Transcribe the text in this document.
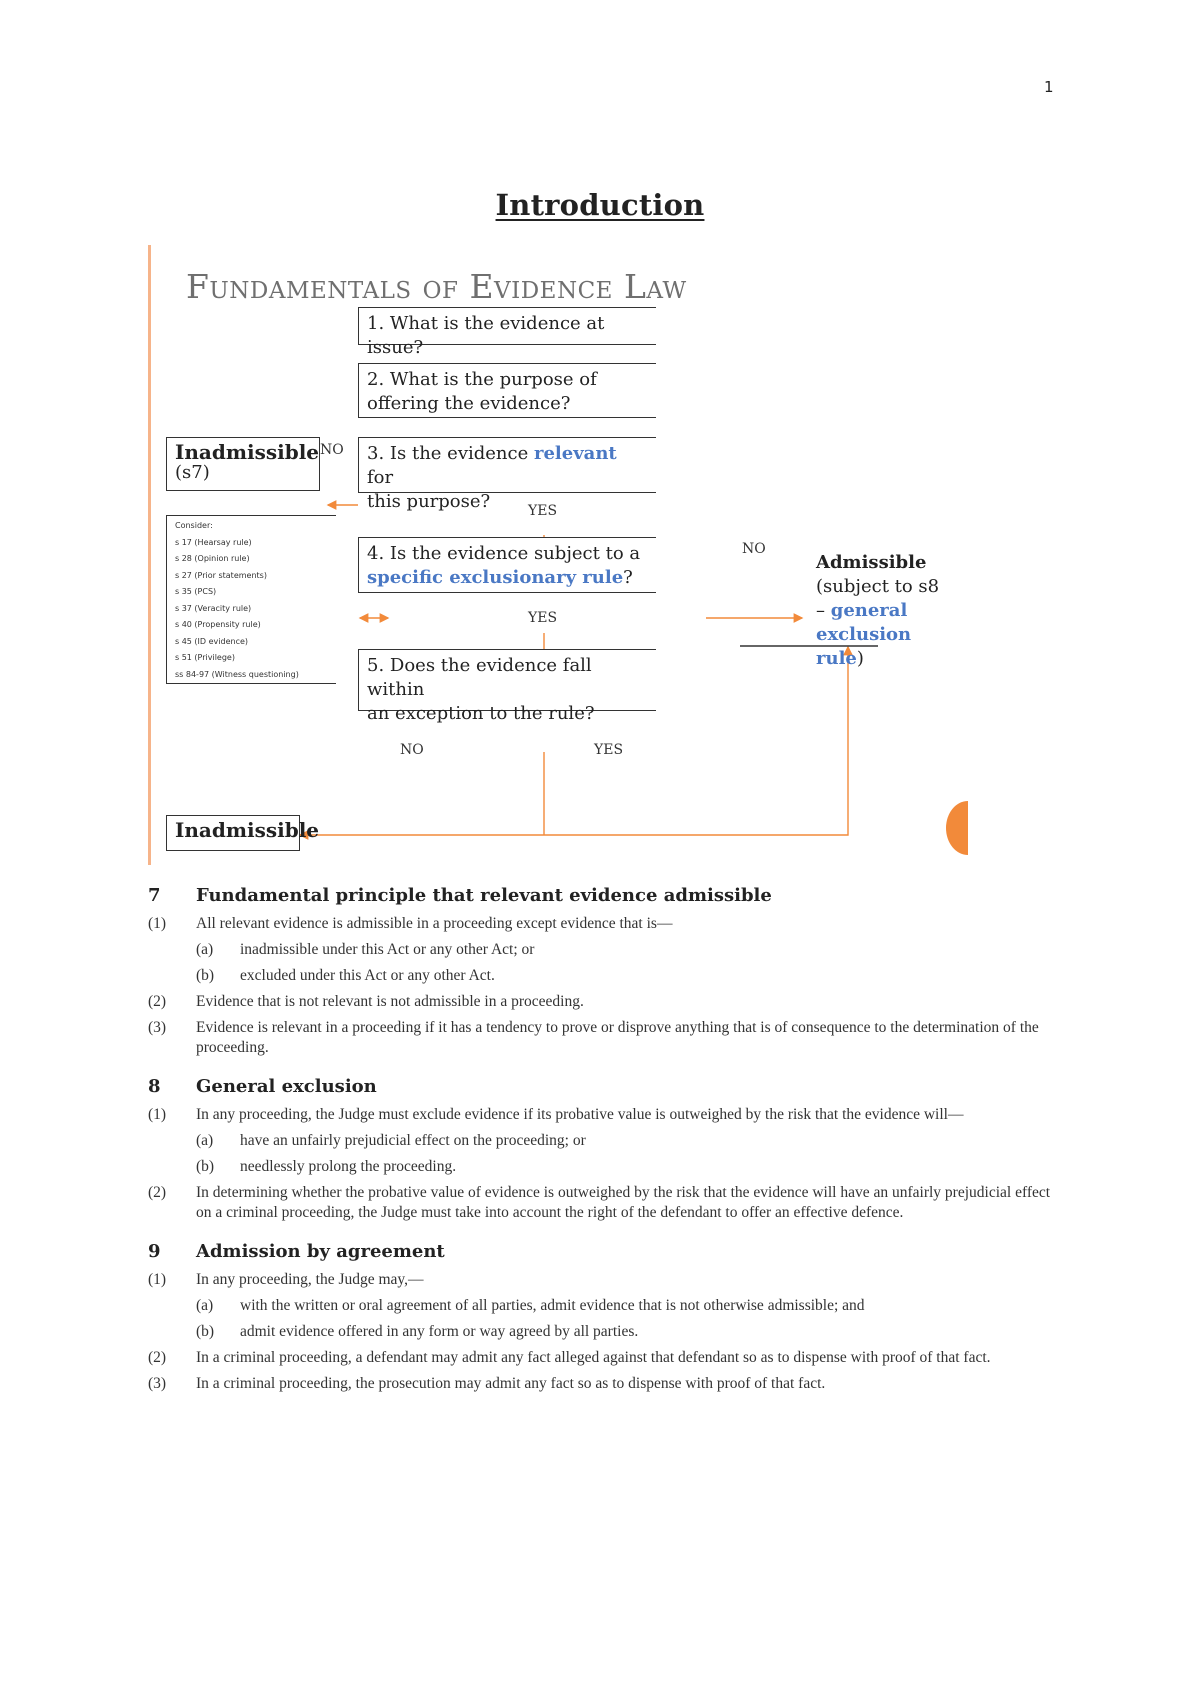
1
Introduction
Fundamentals of Evidence Law
1. What is the evidence at issue?
2. What is the purpose of
offering the evidence?
3. Is the evidence relevant for
this purpose?
4. Is the evidence subject to a
specific exclusionary rule?
5. Does the evidence fall within
an exception to the rule?
Inadmissible
(s7)
Consider:
s 17 (Hearsay rule)
s 28 (Opinion rule)
s 27 (Prior statements)
s 35 (PCS)
s 37 (Veracity rule)
s 40 (Propensity rule)
s 45 (ID evidence)
s 51 (Privilege)
ss 84-97 (Witness questioning)
Inadmissible
Admissible
(subject to s8
– general
exclusion
rule)
NO
YES
NO
YES
NO	YES
7	Fundamental principle that relevant evidence admissible
(1)	All relevant evidence is admissible in a proceeding except evidence that is—
(a)	inadmissible under this Act or any other Act; or
(b)	excluded under this Act or any other Act.
(2)	Evidence that is not relevant is not admissible in a proceeding.
(3)	Evidence is relevant in a proceeding if it has a tendency to prove or disprove anything that is of consequence to the determination of the proceeding.
8	General exclusion
(1)	In any proceeding, the Judge must exclude evidence if its probative value is outweighed by the risk that the evidence will—
(a)	have an unfairly prejudicial effect on the proceeding; or
(b)	needlessly prolong the proceeding.
(2)	In determining whether the probative value of evidence is outweighed by the risk that the evidence will have an unfairly prejudicial effect on a criminal proceeding, the Judge must take into account the right of the defendant to offer an effective defence.
9	Admission by agreement
(1)	In any proceeding, the Judge may,—
(a)	with the written or oral agreement of all parties, admit evidence that is not otherwise admissible; and
(b)	admit evidence offered in any form or way agreed by all parties.
(2)	In a criminal proceeding, a defendant may admit any fact alleged against that defendant so as to dispense with proof of that fact.
(3)	In a criminal proceeding, the prosecution may admit any fact so as to dispense with proof of that fact.
